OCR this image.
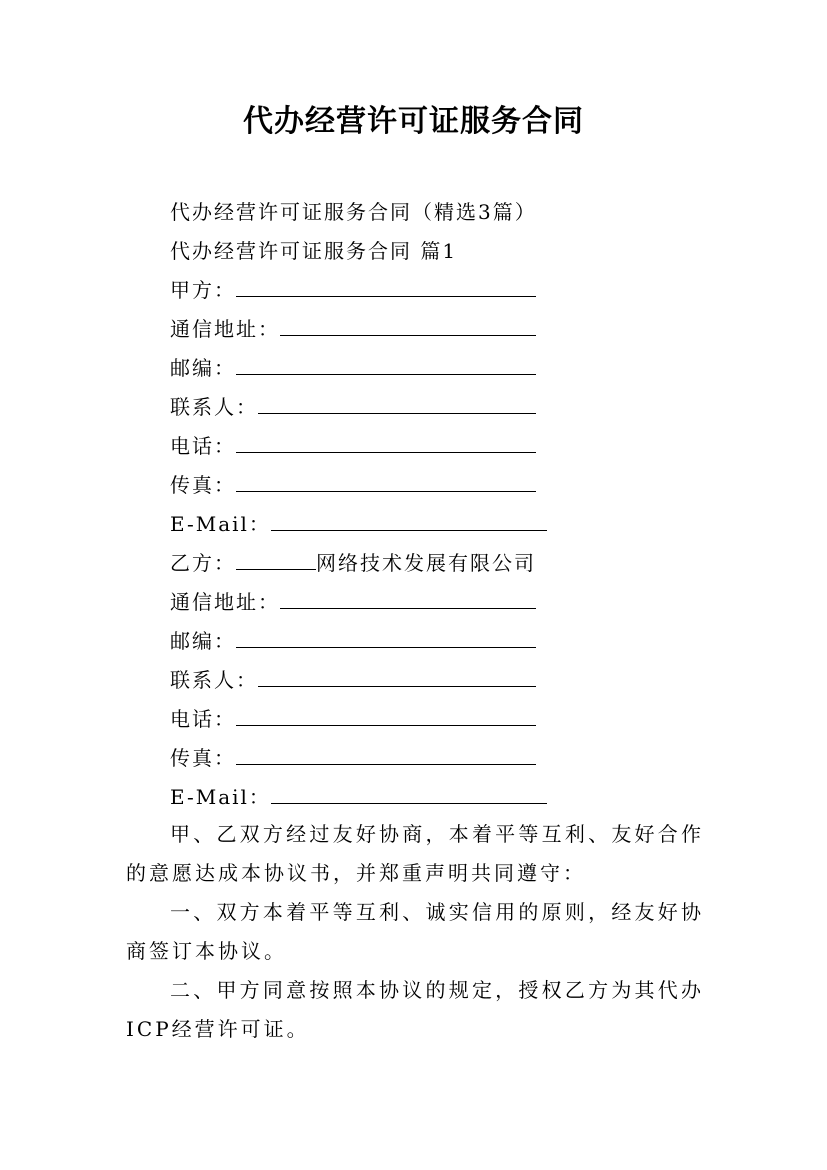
代办经营许可证服务合同
代办经营许可证服务合同（精选3篇）
代办经营许可证服务合同 篇1
甲方：
通信地址：
邮编：
联系人：
电话：
传真：
E-Mail：
乙方：	网络技术发展有限公司
通信地址：
邮编：
联系人：
电话：
传真：
E-Mail：
甲、乙双方经过友好协商，本着平等互利、友好合作的意愿达成本协议书，并郑重声明共同遵守：
一、双方本着平等互利、诚实信用的原则，经友好协商签订本协议。
二、甲方同意按照本协议的规定，授权乙方为其代办ICP经营许可证。
